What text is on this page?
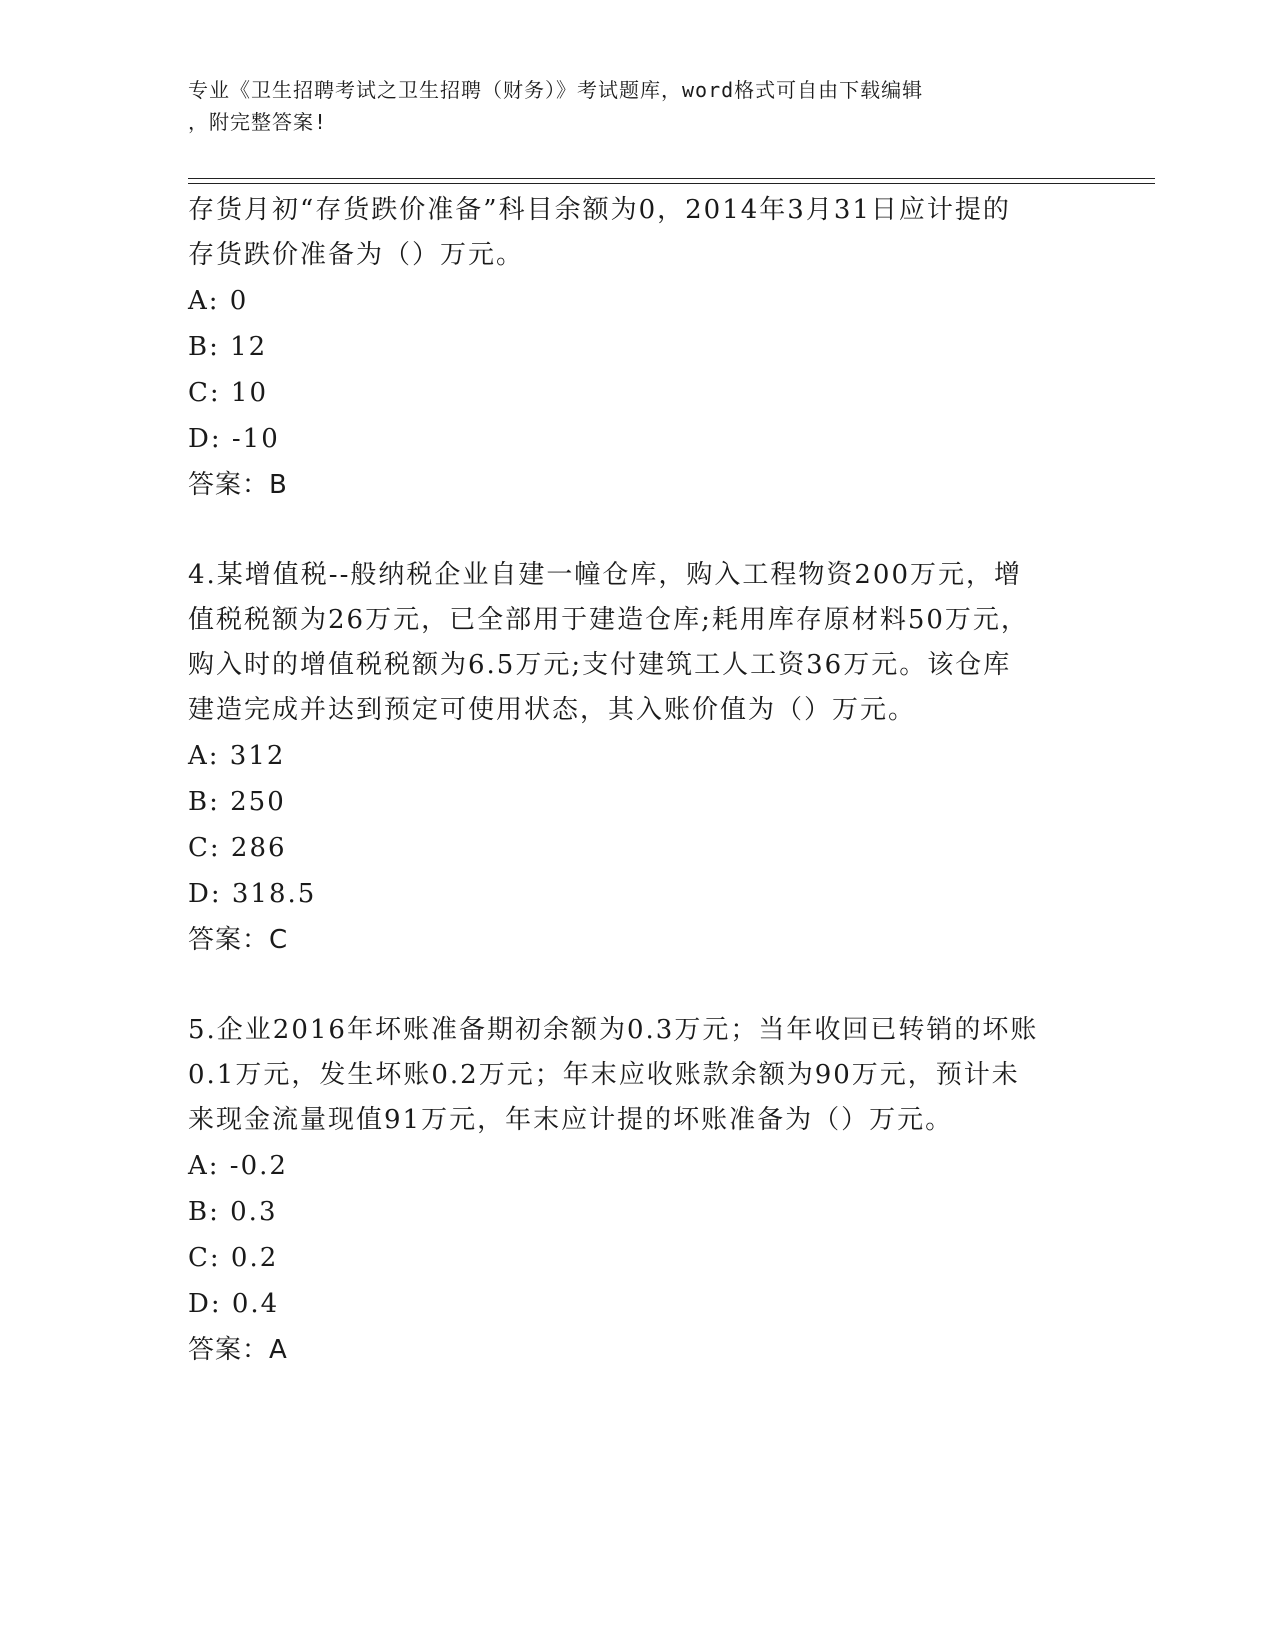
专业《卫生招聘考试之卫生招聘（财务）》考试题库，word格式可自由下载编辑
，附完整答案!
存货月初“存货跌价准备”科目余额为0，2014年3月31日应计提的
存货跌价准备为（）万元。
A: 0
B: 12
C: 10
D: -10
答案：B
4.某增值税--般纳税企业自建一幢仓库，购入工程物资200万元，增
值税税额为26万元，已全部用于建造仓库;耗用库存原材料50万元，
购入时的增值税税额为6.5万元;支付建筑工人工资36万元。该仓库
建造完成并达到预定可使用状态，其入账价值为（）万元。
A: 312
B: 250
C: 286
D: 318.5
答案：C
5.企业2016年坏账准备期初余额为0.3万元；当年收回已转销的坏账
0.1万元，发生坏账0.2万元；年末应收账款余额为90万元，预计未
来现金流量现值91万元，年末应计提的坏账准备为（）万元。
A: -0.2
B: 0.3
C: 0.2
D: 0.4
答案：A
